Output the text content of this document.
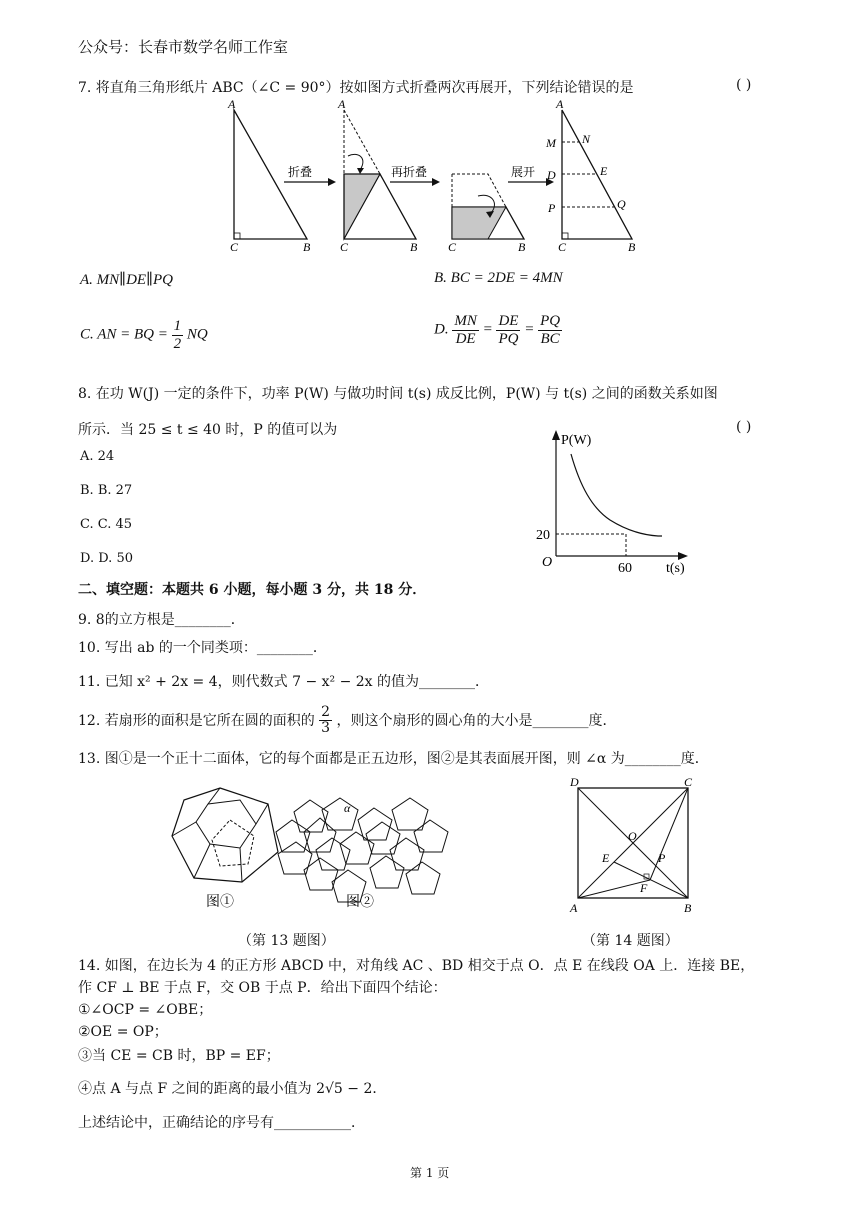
公众号：长春市数学名师工作室
7. 将直角三角形纸片 ABC（∠C = 90°）按如图方式折叠两次再展开，下列结论错误的是	( )
A
C	B
折叠
A
C	B
再折叠
C	B
展开
A
M N
D	E
P	Q
C	B
A. MN∥DE∥PQ	B. BC = 2DE = 4MN
C. AN = BQ = $\frac{1}{2}$ NQ	D. $\frac{MN}{DE} = \frac{DE}{PQ} = \frac{PQ}{BC}$
8. 在功 W(J) 一定的条件下，功率 P(W) 与做功时间 t(s) 成反比例，P(W) 与 t(s) 之间的函数关系如图
所示．当 25 ≤ t ≤ 40 时，P 的值可以为	( )
A. 24
B. B. 27
C. C. 45
D. D. 50
P(W)
t(s)
O
20
60
二、填空题：本题共 6 小题，每小题 3 分，共 18 分．
9. 8的立方根是________．
10. 写出 ab 的一个同类项：________．
11. 已知 x² + 2x = 4，则代数式 7 − x² − 2x 的值为________．
12. 若扇形的面积是它所在圆的面积的 $\frac{2}{3}$ ，则这个扇形的圆心角的大小是________度．
13. 图①是一个正十二面体，它的每个面都是正五边形，图②是其表面展开图，则 ∠α 为________度．
图①
α
图②
（第 13 题图）
D	C
A	B
O
E	P
F
（第 14 题图）
14. 如图，在边长为 4 的正方形 ABCD 中，对角线 AC 、BD 相交于点 O．点 E 在线段 OA 上．连接 BE，
作 CF ⊥ BE 于点 F，交 OB 于点 P．给出下面四个结论：
①∠OCP = ∠OBE；
②OE = OP；
③当 CE = CB 时，BP = EF；
④点 A 与点 F 之间的距离的最小值为 2√5 − 2．
上述结论中，正确结论的序号有___________．
第 1 页
